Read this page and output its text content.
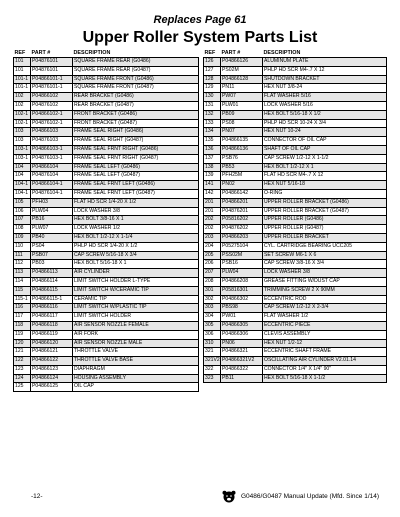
Replaces Page 61
Upper Roller System Parts List
REF	PART #	DESCRIPTION
101	P04876101	SQUARE FRAME REAR (G0486)
101	P04876101	SQUARE FRAME REAR (G0487)
101-1	P04866101-1	SQUARE FRAME FRONT (G0486)
101-1	P04876101-1	SQUARE FRAME FRONT (G0487)
102	P04866102	REAR BRACKET (G0486)
102	P04876102	REAR BRACKET (G0487)
102-1	P04866102-1	FRONT BRACKET (G0486)
102-1	P04876102-1	FRONT BRACKET (G0487)
103	P04866103	FRAME SEAL RIGHT (G0486)
103	P04876103	FRAME SEAL RIGHT (G0487)
103-1	P04866103-1	FRAME SEAL FRNT RIGHT (G0486)
103-1	P04876103-1	FRAME SEAL FRNT RIGHT (G0487)
104	P04866104	FRAME SEAL LEFT (G0486)
104	P04876104	FRAME SEAL LEFT (G0487)
104-1	P04866104-1	FRAME SEAL FRNT LEFT (G0486)
104-1	P04876104-1	FRAME SEAL FRNT LEFT (G0487)
105	PFH03	FLAT HD SCR 1/4-20 X 1/2
106	PLW04	LOCK WASHER 3/8
107	PB16	HEX BOLT 3/8-16 X 1
108	PLW07	LOCK WASHER 1/2
109	PB40	HEX BOLT 1/2-12 X 1-1/4
110	PS04	PHLP HD SCR 1/4-20 X 1/2
111	PSB07	CAP SCREW 5/16-18 X 3/4
112	PB03	HEX BOLT 5/16-18 X 1
113	P04866113	AIR CYLINDER
114	P04866114	LIMIT SWITCH HOLDER L-TYPE
115	P04866115	LIMIT SWITCH W/CERAMIC TIP
115-1	P04866115-1	CERAMIC TIP
116	P04866116	LIMIT SWITCH W/PLASTIC TIP
117	P04866117	LIMIT SWITCH HOLDER
118	P04866118	AIR SENSOR NOZZLE FEMALE
119	P04866119	AIR FORK
120	P04866120	AIR SENSOR NOZZLE MALE
121	P04866121	THROTTLE VALVE
122	P04866122	THROTTLE VALVE BASE
123	P04866123	DIAPHRAGM
124	P04866124	HOUSING ASSEMBLY
125	P04866125	OIL CAP
REF	PART #	DESCRIPTION
126	P04866126	ALUMINUM PLATE
127	PS02M	PHLP HD SCR M4-.7 X 12
128	P04866128	SHUTDOWN BRACKET
129	PN11	HEX NUT 3/8-24
130	PW07	FLAT WASHER 5/16
131	PLW01	LOCK WASHER 5/16
132	PB09	HEX BOLT 5/16-18 X 1/2
133	PS08	PHLP HD SCR 10-24 X 3/4
134	PN07	HEX NUT 10-24
135	P04866135	CONNECTOR OF OIL CAP
136	P04866136	SHAFT OF OIL CAP
137	PSB76	CAP SCREW 1/2-12 X 1-1/2
138	PB53	HEX BOLT 1/2-12 X 1
139	PFH25M	FLAT HD SCR M4-.7 X 12
141	PN02	HEX NUT 5/16-18
142	P04866142	O-RING
201	P04866201	UPPER ROLLER BRACKET (G0486)
201	P04876201	UPPER ROLLER BRACKET (G0487)
202	P05816202	UPPER ROLLER (G0486)
202	P04876202	UPPER ROLLER (G0487)
203	P04866203	UPPER ROLLER BRACKET
204	P05275104	CYL. CARTRIDGE BEARING UCC205
205	PSS02M	SET SCREW M6-1 X 6
206	PSB16	CAP SCREW 3/8-16 X 3/4
207	PLW04	LOCK WASHER 3/8
208	P04866208	GREASE FITTING W/DUST CAP
301	P05816301	TRIMMING SCREW 2 X 90MM
302	P04866302	ECCENTRIC ROD
303	PBS98	CAP SCREW 1/2-12 X 2-3/4
304	PW01	FLAT WASHER 1/2
305	P04866305	ECCENTRIC PIECE
306	P04866306	CLEVIS ASSEMBLY
310	PN06	HEX NUT 1/2-12
321	P04866321	ECCENTRIC SHAFT FRAME
321V2	P04866321V2	OSCILLATING AIR CYLINDER V2.01.14
322	P04866322	CONNECTOR 1/4" X 1/4" 90"
323	PB11	HEX BOLT 5/16-18 X 1-1/2
-12-	G0486/G0487 Manual Update (Mfd. Since 1/14)
